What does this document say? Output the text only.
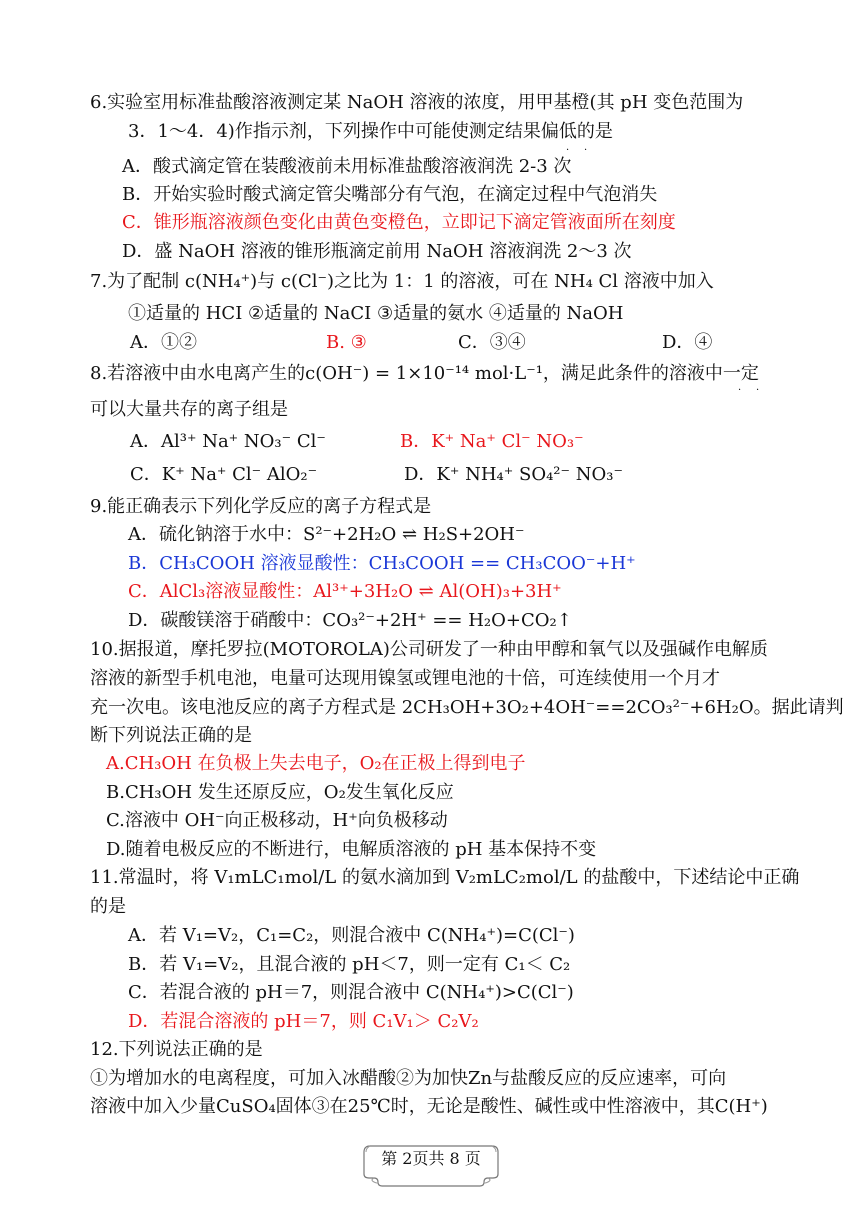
6.实验室用标准盐酸溶液测定某 NaOH 溶液的浓度，用甲基橙(其 pH 变色范围为
3．1～4．4)作指示剂，下列操作中可能使测定结果偏低的是
· ·
A．酸式滴定管在装酸液前未用标准盐酸溶液润洗 2-3 次
B．开始实验时酸式滴定管尖嘴部分有气泡，在滴定过程中气泡消失
C．锥形瓶溶液颜色变化由黄色变橙色，立即记下滴定管液面所在刻度
D．盛 NaOH 溶液的锥形瓶滴定前用 NaOH 溶液润洗 2～3 次
7.为了配制 c(NH₄⁺)与 c(Cl⁻)之比为 1：1 的溶液，可在 NH₄ Cl 溶液中加入
①适量的 HCI ②适量的 NaCI ③适量的氨水 ④适量的 NaOH
A．①②	B. ③	C．③④	D．④
8.若溶液中由水电离产生的c(OH⁻) = 1×10⁻¹⁴ mol·L⁻¹，满足此条件的溶液中一定
· ·
可以大量共存的离子组是
A．Al³⁺ Na⁺ NO₃⁻ Cl⁻	B．K⁺ Na⁺ Cl⁻ NO₃⁻
C．K⁺ Na⁺ Cl⁻ AlO₂⁻	D．K⁺ NH₄⁺ SO₄²⁻ NO₃⁻
9.能正确表示下列化学反应的离子方程式是
A．硫化钠溶于水中：S²⁻+2H₂O ⇌ H₂S+2OH⁻
B．CH₃COOH 溶液显酸性：CH₃COOH == CH₃COO⁻+H⁺
C．AlCl₃溶液显酸性：Al³⁺+3H₂O ⇌ Al(OH)₃+3H⁺
D．碳酸镁溶于硝酸中：CO₃²⁻+2H⁺ == H₂O+CO₂↑
10.据报道，摩托罗拉(MOTOROLA)公司研发了一种由甲醇和氧气以及强碱作电解质
溶液的新型手机电池，电量可达现用镍氢或锂电池的十倍，可连续使用一个月才
充一次电。该电池反应的离子方程式是 2CH₃OH+3O₂+4OH⁻==2CO₃²⁻+6H₂O。据此请判
断下列说法正确的是
A.CH₃OH 在负极上失去电子，O₂在正极上得到电子
B.CH₃OH 发生还原反应，O₂发生氧化反应
C.溶液中 OH⁻向正极移动，H⁺向负极移动
D.随着电极反应的不断进行，电解质溶液的 pH 基本保持不变
11.常温时，将 V₁mLC₁mol/L 的氨水滴加到 V₂mLC₂mol/L 的盐酸中，下述结论中正确
的是
A．若 V₁=V₂，C₁=C₂，则混合液中 C(NH₄⁺)=C(Cl⁻)
B．若 V₁=V₂，且混合液的 pH＜7，则一定有 C₁＜ C₂
C．若混合液的 pH＝7，则混合液中 C(NH₄⁺)>C(Cl⁻)
D．若混合溶液的 pH＝7，则 C₁V₁＞ C₂V₂
12.下列说法正确的是
①为增加水的电离程度，可加入冰醋酸②为加快Zn与盐酸反应的反应速率，可向
溶液中加入少量CuSO₄固体③在25℃时，无论是酸性、碱性或中性溶液中，其C(H⁺)
第 2页共 8 页
